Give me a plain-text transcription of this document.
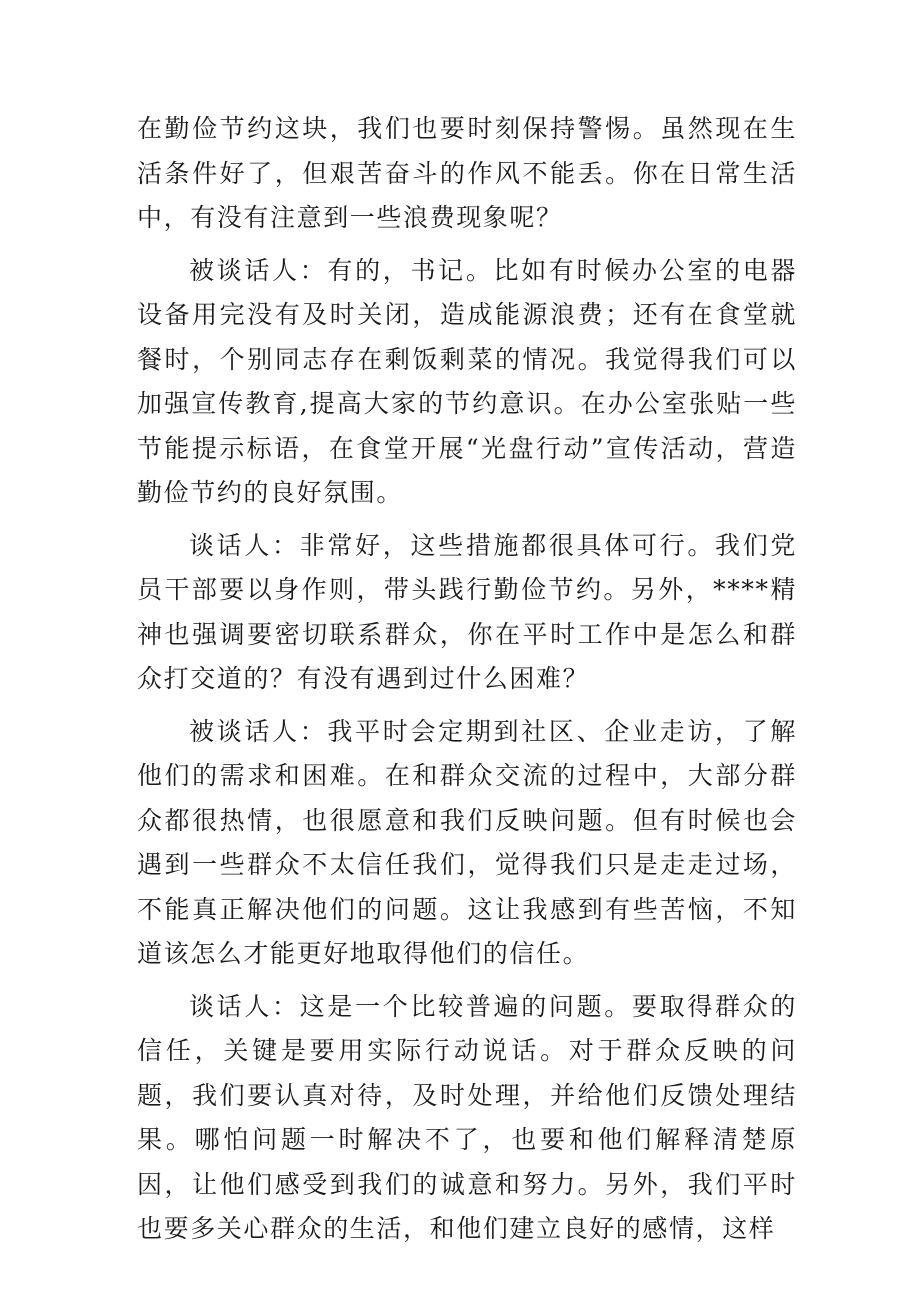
在勤俭节约这块，我们也要时刻保持警惕。虽然现在生活条件好了，但艰苦奋斗的作风不能丢。你在日常生活中，有没有注意到一些浪费现象呢？

被谈话人：有的，书记。比如有时候办公室的电器设备用完没有及时关闭，造成能源浪费；还有在食堂就餐时，个别同志存在剩饭剩菜的情况。我觉得我们可以加强宣传教育,提高大家的节约意识。在办公室张贴一些节能提示标语，在食堂开展“光盘行动”宣传活动，营造勤俭节约的良好氛围。

谈话人：非常好，这些措施都很具体可行。我们党员干部要以身作则，带头践行勤俭节约。另外，****精神也强调要密切联系群众，你在平时工作中是怎么和群众打交道的？有没有遇到过什么困难？

被谈话人：我平时会定期到社区、企业走访，了解他们的需求和困难。在和群众交流的过程中，大部分群众都很热情，也很愿意和我们反映问题。但有时候也会遇到一些群众不太信任我们，觉得我们只是走走过场，不能真正解决他们的问题。这让我感到有些苦恼，不知道该怎么才能更好地取得他们的信任。

谈话人：这是一个比较普遍的问题。要取得群众的信任，关键是要用实际行动说话。对于群众反映的问题，我们要认真对待，及时处理，并给他们反馈处理结果。哪怕问题一时解决不了，也要和他们解释清楚原因，让他们感受到我们的诚意和努力。另外，我们平时也要多关心群众的生活，和他们建立良好的感情，这样
